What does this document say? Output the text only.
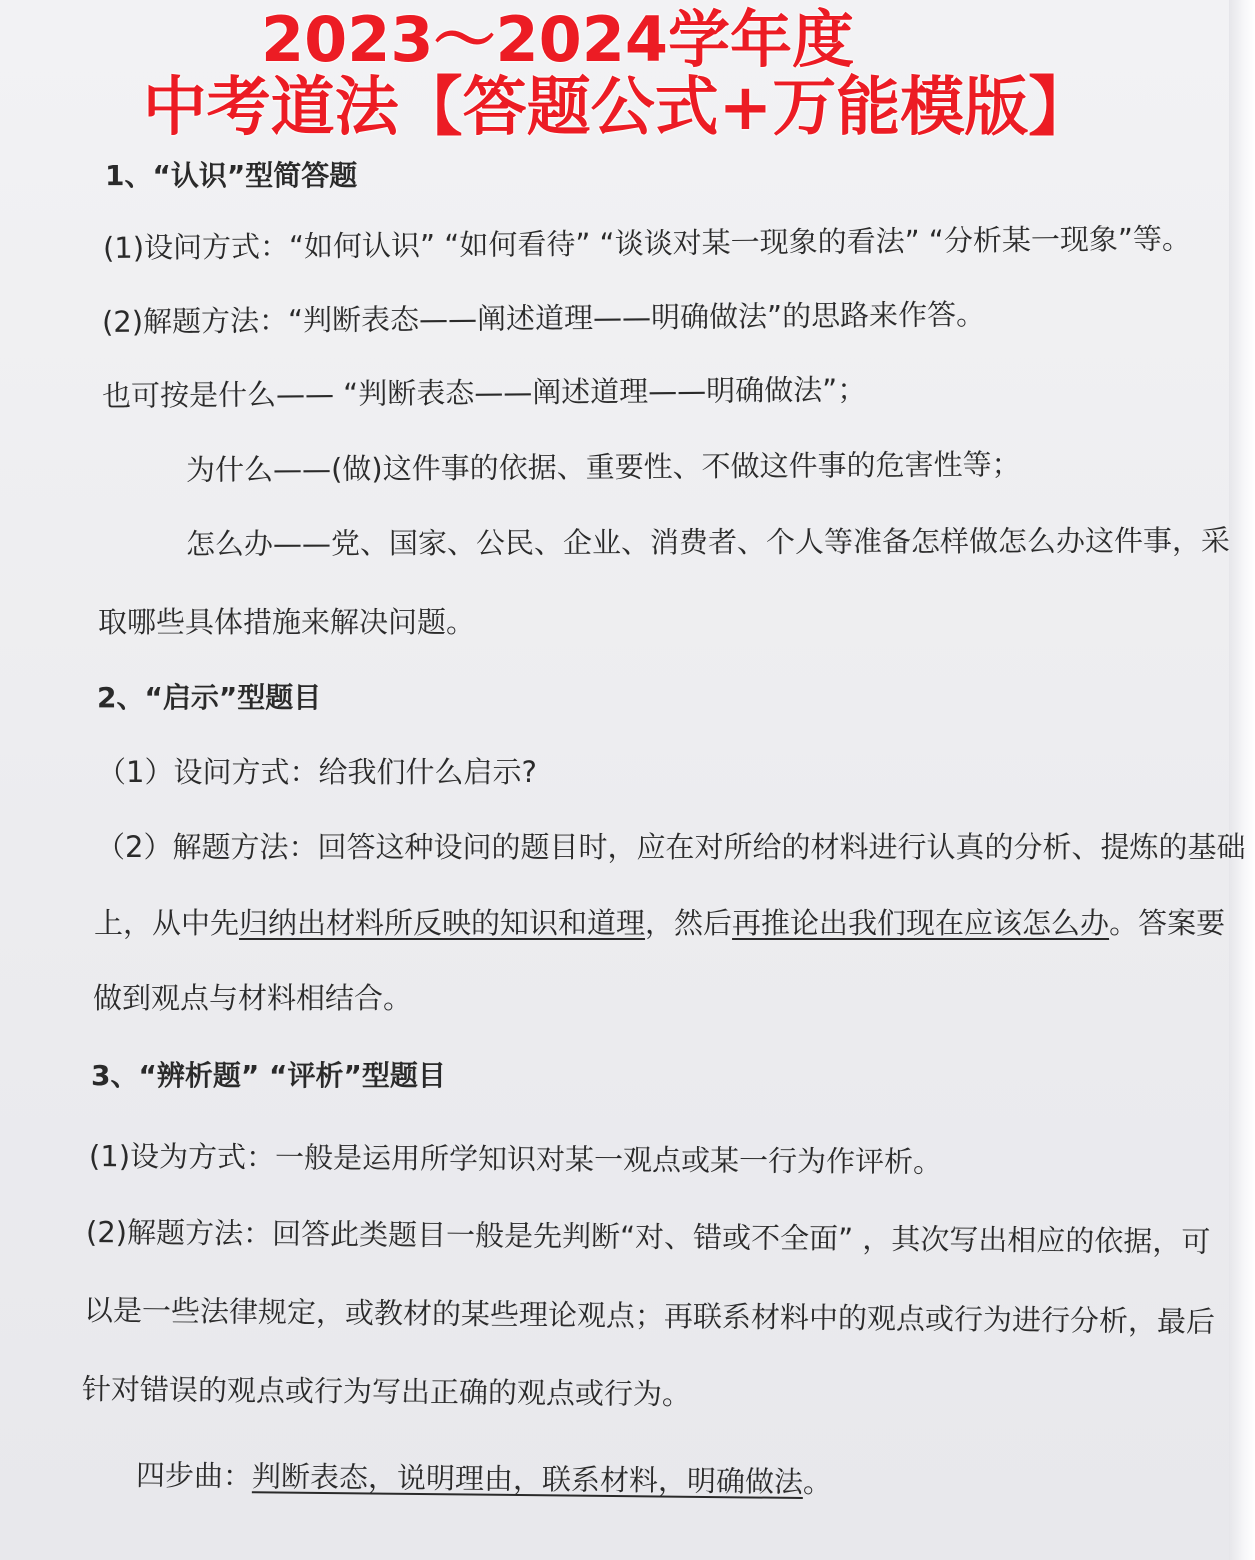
2023～2024学年度
中考道法【答题公式+万能模版】
1、“认识”型简答题
(1)设问方式：“如何认识” “如何看待” “谈谈对某一现象的看法” “分析某一现象”等。
(2)解题方法：“判断表态——阐述道理——明确做法”的思路来作答。
也可按是什么—— “判断表态——阐述道理——明确做法”；
为什么——(做)这件事的依据、重要性、不做这件事的危害性等；
怎么办——党、国家、公民、企业、消费者、个人等准备怎样做怎么办这件事，采
取哪些具体措施来解决问题。
2、“启示”型题目
（1）设问方式：给我们什么启示?
（2）解题方法：回答这种设问的题目时，应在对所给的材料进行认真的分析、提炼的基础
上，从中先归纳出材料所反映的知识和道理，然后再推论出我们现在应该怎么办。答案要
做到观点与材料相结合。
3、“辨析题” “评析”型题目
(1)设为方式：一般是运用所学知识对某一观点或某一行为作评析。
(2)解题方法：回答此类题目一般是先判断“对、错或不全面” ，其次写出相应的依据，可
以是一些法律规定，或教材的某些理论观点；再联系材料中的观点或行为进行分析，最后
针对错误的观点或行为写出正确的观点或行为。
四步曲：判断表态，说明理由，联系材料，明确做法。
